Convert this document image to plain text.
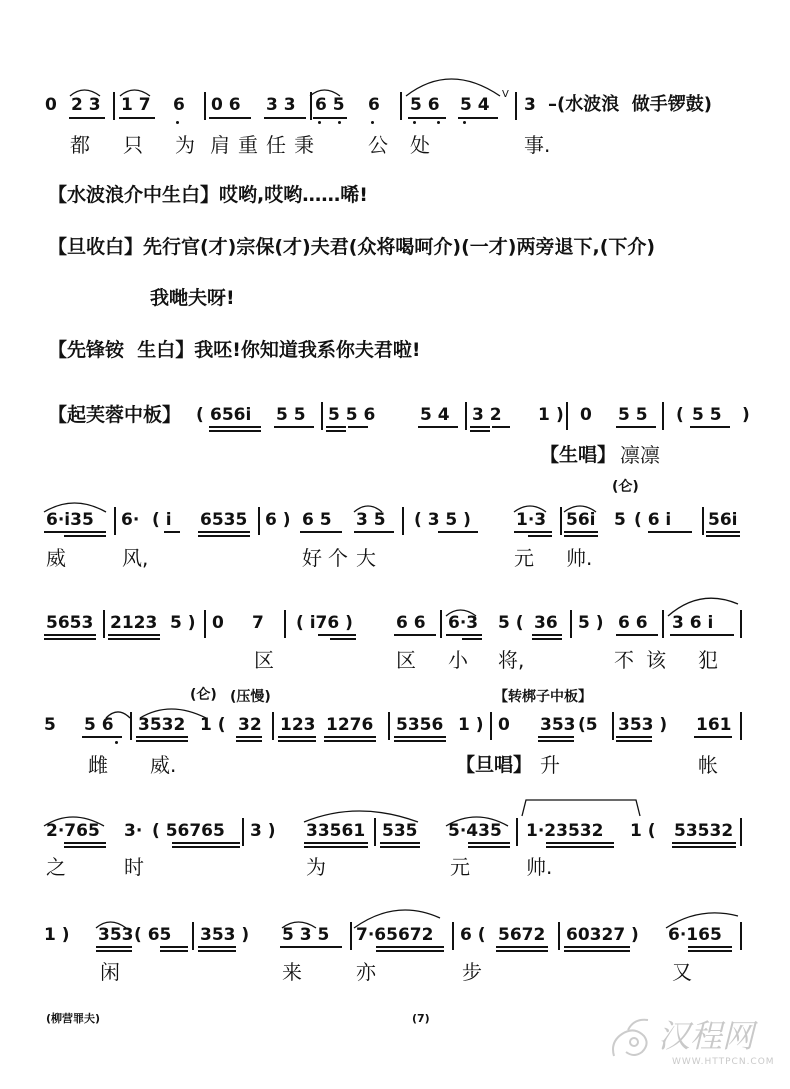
0 2 3 1 7 6 0 6 3 3 6 5 6 5 6 5 4
V
3 –(水波浪  做手锣鼓)
都 只 为 肩 重 任 秉	公 处	事.
【水波浪介中生白】哎哟,哎哟……唏!
【旦收白】先行官(才)宗保(才)夫君(众将喝呵介)(一才)两旁退下,(下介)
我哋夫呀!
【先锋铵  生白】我呸!你知道我系你夫君啦!
【起芙蓉中板】 ( 656i 5 5 5 5 6	5 4 3 2 1 ) 0 5 5 ( 5 5 )
【生唱】 凛凛
(仑)
6·i35 6· ( i 6535 6 ) 6 5 3 5 ( 3 5 )	1·3 56i 5 ( 6 i 56i
威	风,	好 个 大	元 帅.
5653 2123 5 ) 0 7 ( i76 )	6 6 6·3 5 ( 36 5 ) 6 6 3 6 i
区	区 小 将,	不 该 犯
(仑) (压慢)	【转梆子中板】
5 5 6 3532 1 ( 32 123 1276 5356 1 ) 0 353 (5 353 ) 161
雌 威.	【旦唱】 升	帐
2·765 3· ( 56765 3 ) 33561 535 5·435 1·23532 1 ( 53532
之	时	为	元	帅.
1 ) 353 ( 65 353 ) 5 3 5 7·65672 6 ( 5672 60327 ) 6·165
闲	来	亦	步	又
(柳营罪夫)	(7)	汉程网
WWW.HTTPCN.COM
